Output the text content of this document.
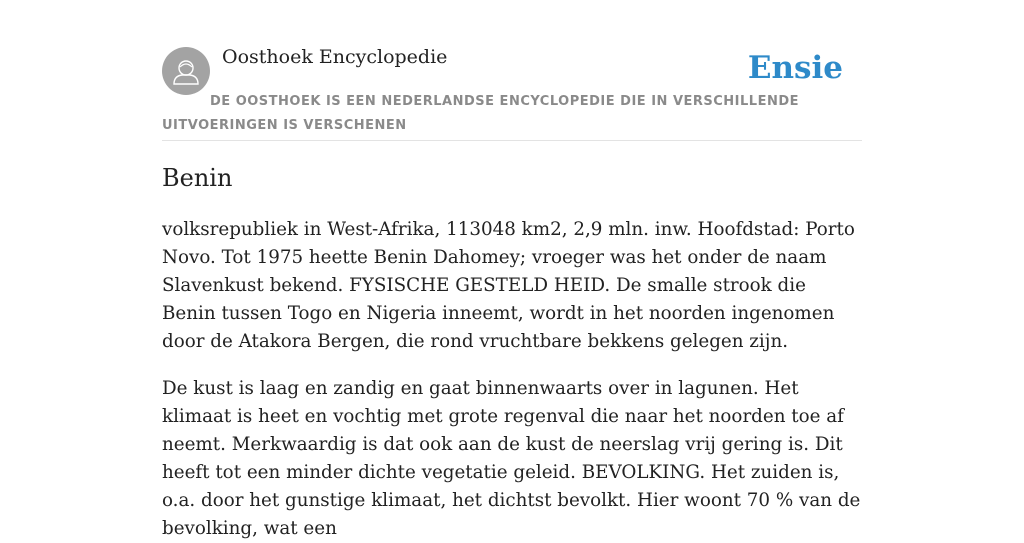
Oosthoek Encyclopedie	Ensie
DE OOSTHOEK IS EEN NEDERLANDSE ENCYCLOPEDIE DIE IN VERSCHILLENDE UITVOERINGEN IS VERSCHENEN
Benin

volksrepubliek in West-Afrika, 113048 km2, 2,9 mln. inw. Hoofdstad: Porto Novo. Tot 1975 heette Benin Dahomey; vroeger was het onder de naam Slavenkust bekend. FYSISCHE GESTELD HEID. De smalle strook die Benin tussen Togo en Nigeria inneemt, wordt in het noorden ingenomen door de Atakora Bergen, die rond vruchtbare bekkens gelegen zijn.

De kust is laag en zandig en gaat binnenwaarts over in lagunen. Het klimaat is heet en vochtig met grote regenval die naar het noorden toe af neemt. Merkwaardig is dat ook aan de kust de neerslag vrij gering is. Dit heeft tot een minder dichte vegetatie geleid. BEVOLKING. Het zuiden is, o.a. door het gunstige klimaat, het dichtst bevolkt. Hier woont 70 % van de bevolking, wat een
